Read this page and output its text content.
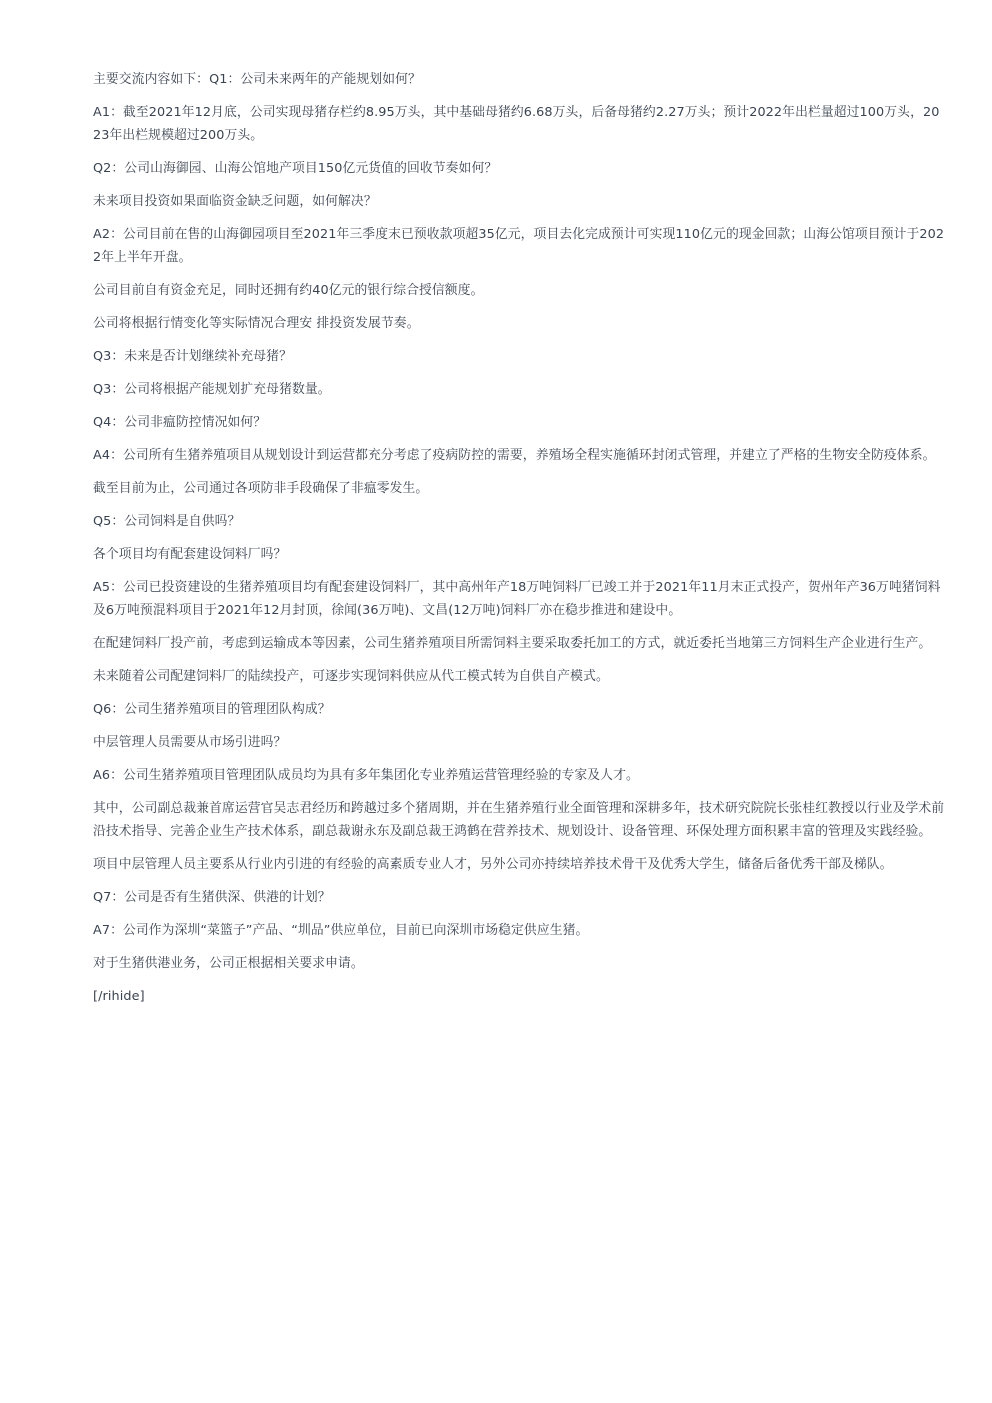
主要交流内容如下：Q1：公司未来两年的产能规划如何？

A1：截至2021年12月底，公司实现母猪存栏约8.95万头，其中基础母猪约6.68万头，后备母猪约2.27万头；预计2022年出栏量超过100万头，2023年出栏规模超过200万头。

Q2：公司山海御园、山海公馆地产项目150亿元货值的回收节奏如何？

未来项目投资如果面临资金缺乏问题，如何解决？

A2：公司目前在售的山海御园项目至2021年三季度末已预收款项超35亿元，项目去化完成预计可实现110亿元的现金回款；山海公馆项目预计于2022年上半年开盘。

公司目前自有资金充足，同时还拥有约40亿元的银行综合授信额度。

公司将根据行情变化等实际情况合理安 排投资发展节奏。

Q3：未来是否计划继续补充母猪？

Q3：公司将根据产能规划扩充母猪数量。

Q4：公司非瘟防控情况如何？

A4：公司所有生猪养殖项目从规划设计到运营都充分考虑了疫病防控的需要，养殖场全程实施循环封闭式管理，并建立了严格的生物安全防疫体系。

截至目前为止，公司通过各项防非手段确保了非瘟零发生。

Q5：公司饲料是自供吗？

各个项目均有配套建设饲料厂吗？

A5：公司已投资建设的生猪养殖项目均有配套建设饲料厂，其中高州年产18万吨饲料厂已竣工并于2021年11月末正式投产，贺州年产36万吨猪饲料及6万吨预混料项目于2021年12月封顶，徐闻(36万吨)、文昌(12万吨)饲料厂亦在稳步推进和建设中。

在配建饲料厂投产前，考虑到运输成本等因素，公司生猪养殖项目所需饲料主要采取委托加工的方式，就近委托当地第三方饲料生产企业进行生产。

未来随着公司配建饲料厂的陆续投产，可逐步实现饲料供应从代工模式转为自供自产模式。

Q6：公司生猪养殖项目的管理团队构成？

中层管理人员需要从市场引进吗？

A6：公司生猪养殖项目管理团队成员均为具有多年集团化专业养殖运营管理经验的专家及人才。

其中，公司副总裁兼首席运营官吴志君经历和跨越过多个猪周期，并在生猪养殖行业全面管理和深耕多年，技术研究院院长张桂红教授以行业及学术前沿技术指导、完善企业生产技术体系，副总裁谢永东及副总裁王鸿鹤在营养技术、规划设计、设备管理、环保处理方面积累丰富的管理及实践经验。

项目中层管理人员主要系从行业内引进的有经验的高素质专业人才，另外公司亦持续培养技术骨干及优秀大学生，储备后备优秀干部及梯队。

Q7：公司是否有生猪供深、供港的计划？

A7：公司作为深圳“菜篮子”产品、“圳品”供应单位，目前已向深圳市场稳定供应生猪。

对于生猪供港业务，公司正根据相关要求申请。

[/rihide]
